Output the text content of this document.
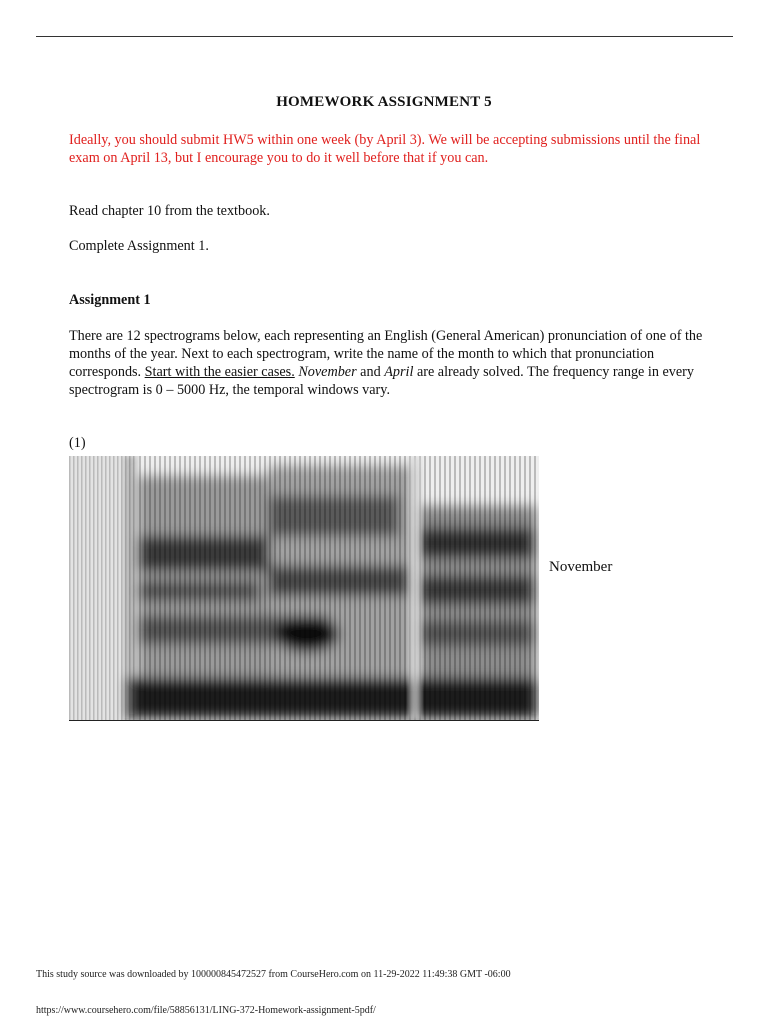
HOMEWORK ASSIGNMENT 5
Ideally, you should submit HW5 within one week (by April 3). We will be accepting submissions until the final exam on April 13, but I encourage you to do it well before that if you can.
Read chapter 10 from the textbook.
Complete Assignment 1.
Assignment 1
There are 12 spectrograms below, each representing an English (General American) pronunciation of one of the months of the year. Next to each spectrogram, write the name of the month to which that pronunciation corresponds. Start with the easier cases. November and April are already solved. The frequency range in every spectrogram is 0 – 5000 Hz, the temporal windows vary.
(1)
November
This study source was downloaded by 100000845472527 from CourseHero.com on 11-29-2022 11:49:38 GMT -06:00
https://www.coursehero.com/file/58856131/LING-372-Homework-assignment-5pdf/
